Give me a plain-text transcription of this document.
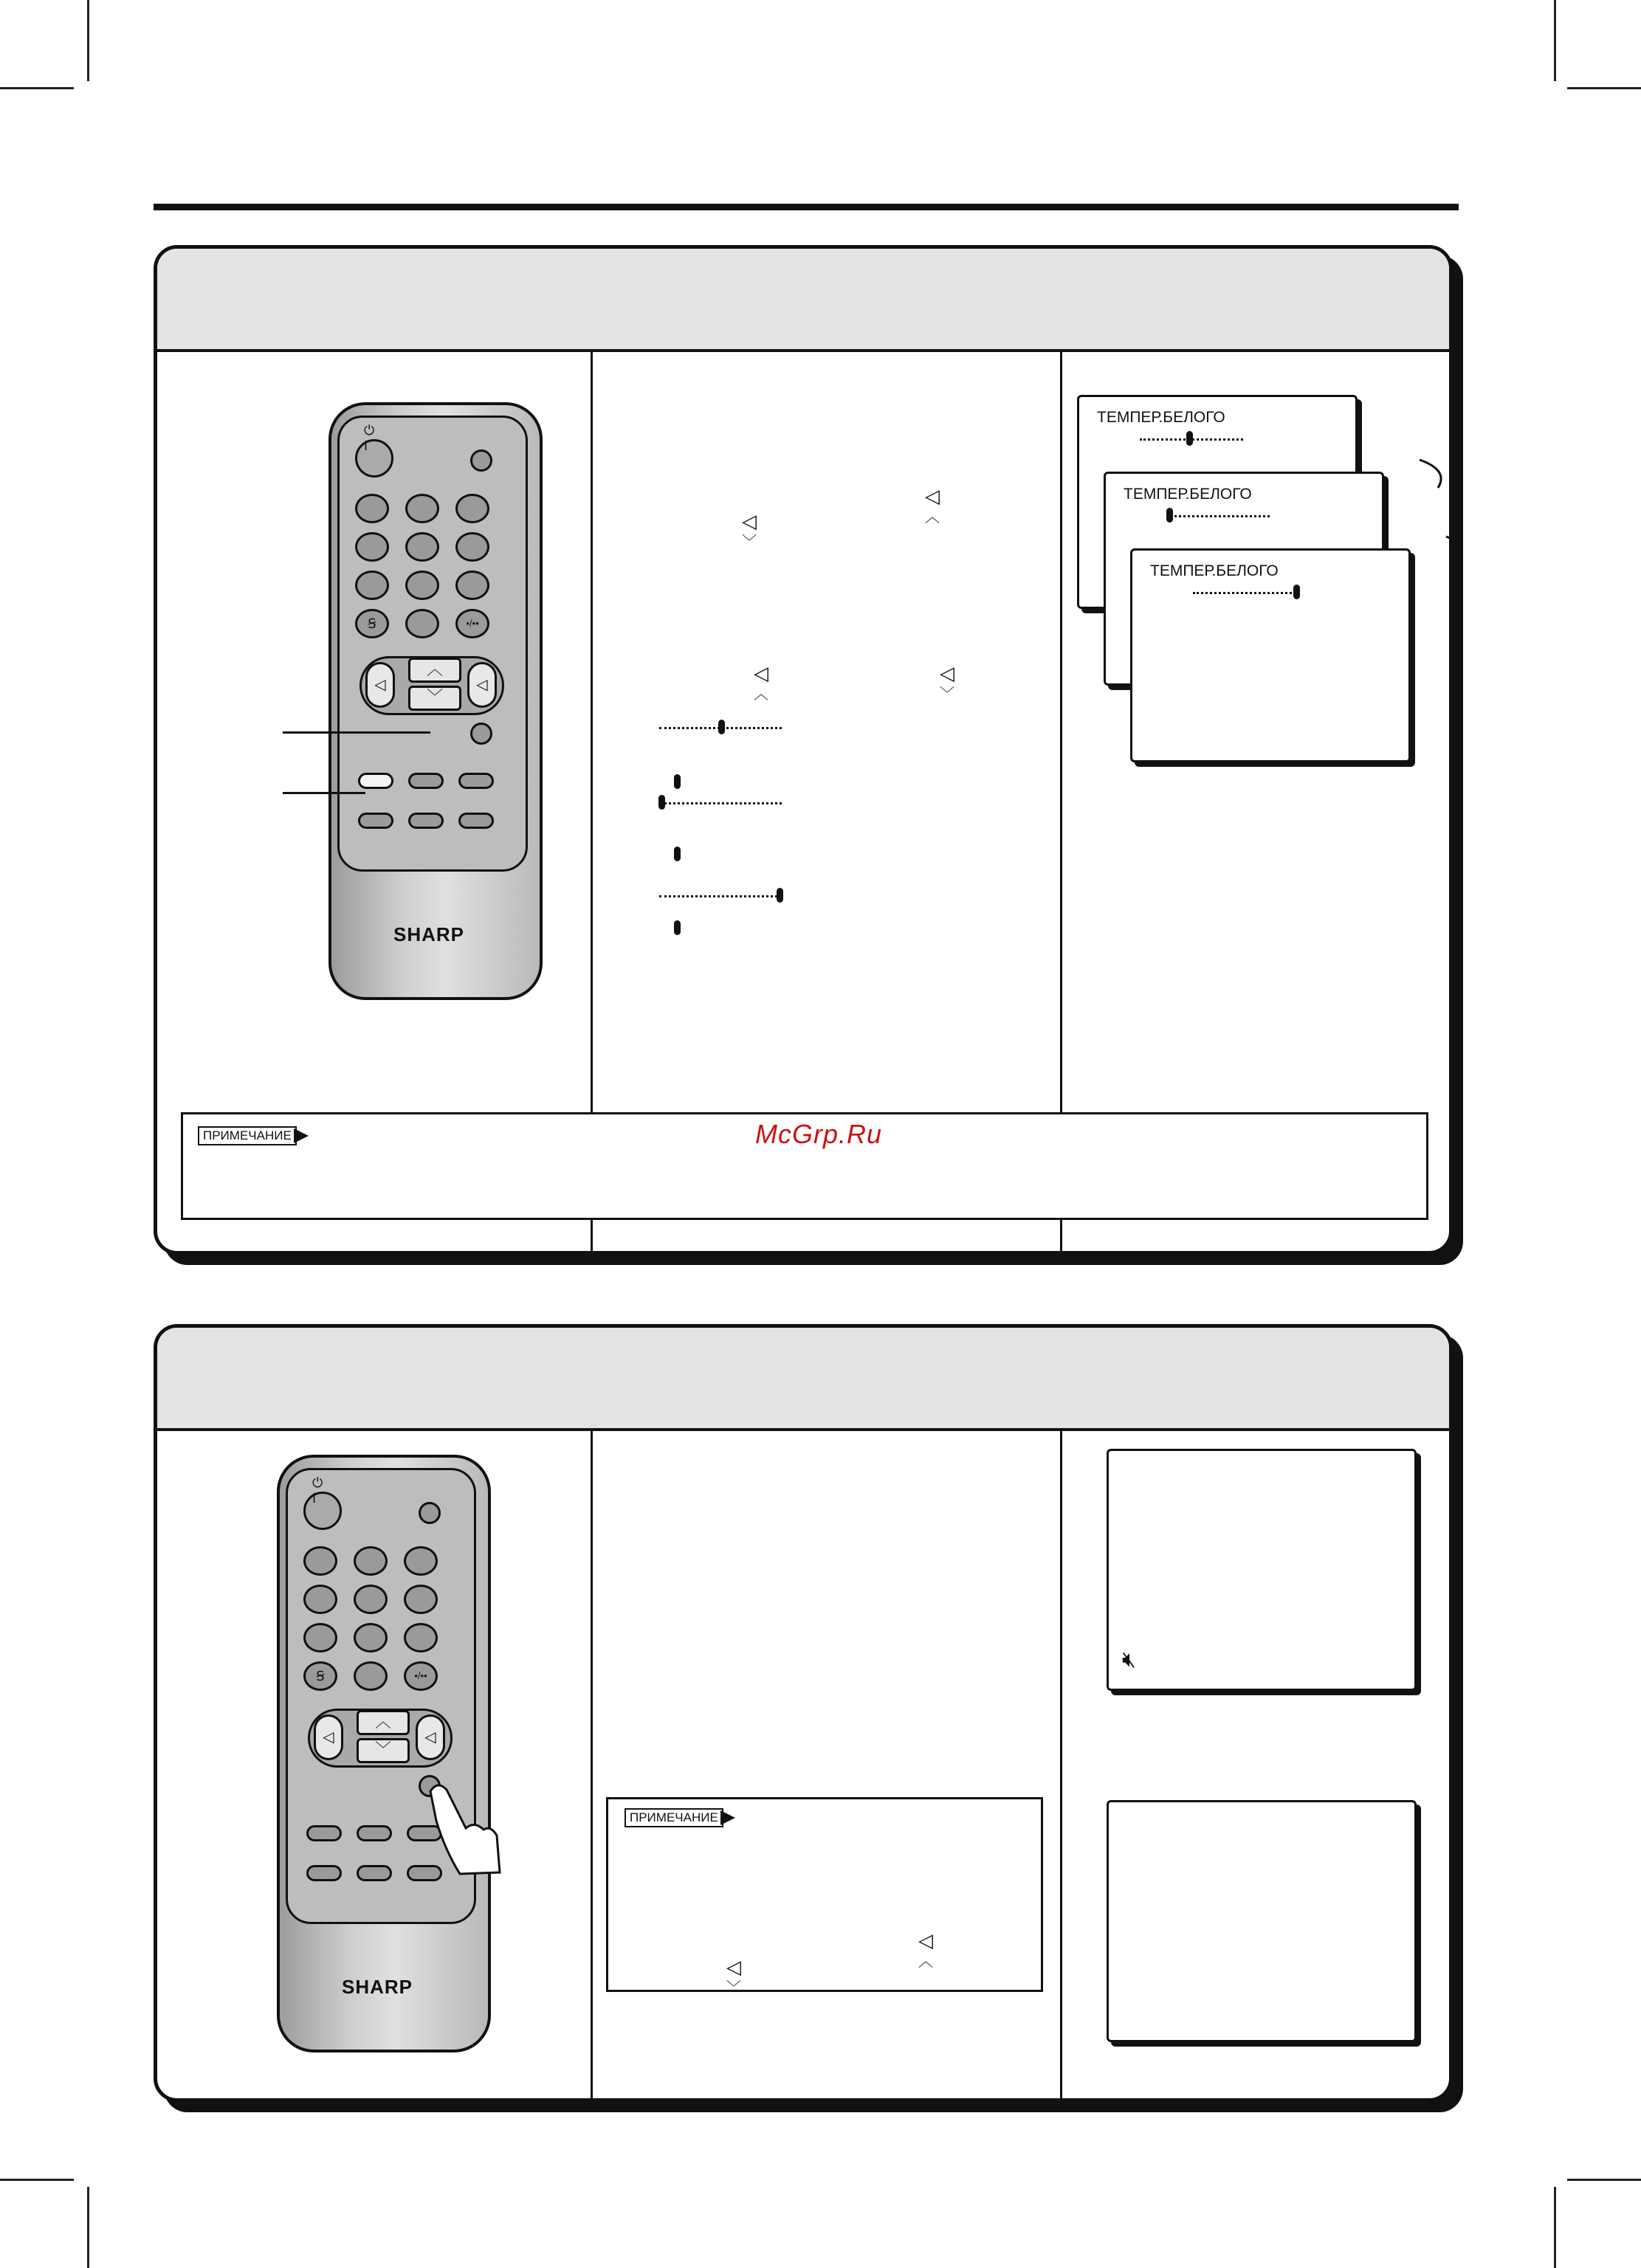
⏻ I
Ꞩ	•/••
◁	◁
︿
﹀
SHARP
◁
︿
◁
﹀
◁
︿
◁
﹀
ТЕМПЕР.БЕЛОГО
ТЕМПЕР.БЕЛОГО
ТЕМПЕР.БЕЛОГО
ПРИМЕЧАНИЕ	McGrp.Ru
⏻ I
Ꞩ	•/••
◁	◁
︿
﹀
SHARP
ПРИМЕЧАНИЕ
◁
︿
◁
﹀
🔇︎
